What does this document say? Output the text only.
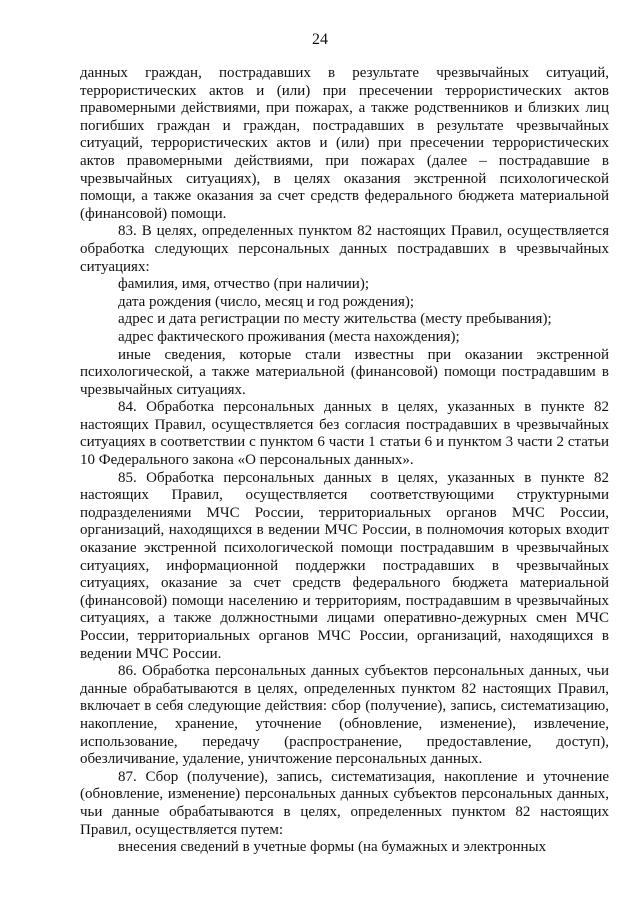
24

данных граждан, пострадавших в результате чрезвычайных ситуаций, террористических актов и (или) при пресечении террористических актов правомерными действиями, при пожарах, а также родственников и близких лиц погибших граждан и граждан, пострадавших в результате чрезвычайных ситуаций, террористических актов и (или) при пресечении террористических актов правомерными действиями, при пожарах (далее – пострадавшие в чрезвычайных ситуациях), в целях оказания экстренной психологической помощи, а также оказания за счет средств федерального бюджета материальной (финансовой) помощи.

83. В целях, определенных пунктом 82 настоящих Правил, осуществляется обработка следующих персональных данных пострадавших в чрезвычайных ситуациях:

фамилия, имя, отчество (при наличии);

дата рождения (число, месяц и год рождения);

адрес и дата регистрации по месту жительства (месту пребывания);

адрес фактического проживания (места нахождения);

иные сведения, которые стали известны при оказании экстренной психологической, а также материальной (финансовой) помощи пострадавшим в чрезвычайных ситуациях.

84. Обработка персональных данных в целях, указанных в пункте 82 настоящих Правил, осуществляется без согласия пострадавших в чрезвычайных ситуациях в соответствии с пунктом 6 части 1 статьи 6 и пунктом 3 части 2 статьи 10 Федерального закона «О персональных данных».

85. Обработка персональных данных в целях, указанных в пункте 82 настоящих Правил, осуществляется соответствующими структурными подразделениями МЧС России, территориальных органов МЧС России, организаций, находящихся в ведении МЧС России, в полномочия которых входит оказание экстренной психологической помощи пострадавшим в чрезвычайных ситуациях, информационной поддержки пострадавших в чрезвычайных ситуациях, оказание за счет средств федерального бюджета материальной (финансовой) помощи населению и территориям, пострадавшим в чрезвычайных ситуациях, а также должностными лицами оперативно-дежурных смен МЧС России, территориальных органов МЧС России, организаций, находящихся в ведении МЧС России.

86. Обработка персональных данных субъектов персональных данных, чьи данные обрабатываются в целях, определенных пунктом 82 настоящих Правил, включает в себя следующие действия: сбор (получение), запись, систематизацию, накопление, хранение, уточнение (обновление, изменение), извлечение, использование, передачу (распространение, предоставление, доступ), обезличивание, удаление, уничтожение персональных данных.

87. Сбор (получение), запись, систематизация, накопление и уточнение (обновление, изменение) персональных данных субъектов персональных данных, чьи данные обрабатываются в целях, определенных пунктом 82 настоящих Правил, осуществляется путем:

внесения сведений в учетные формы (на бумажных и электронных
